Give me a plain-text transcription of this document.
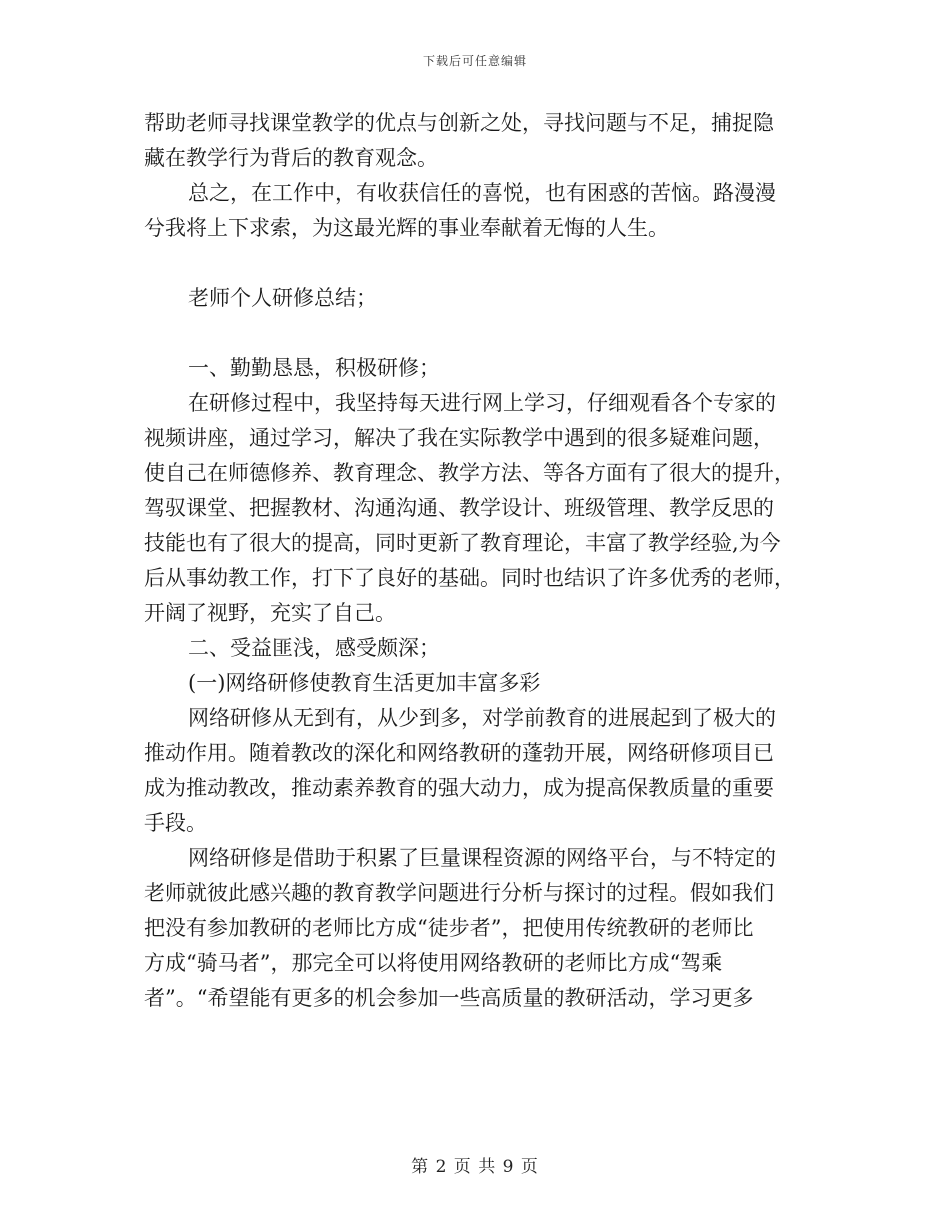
下载后可任意编辑
帮助老师寻找课堂教学的优点与创新之处，寻找问题与不足，捕捉隐
藏在教学行为背后的教育观念。
总之，在工作中，有收获信任的喜悦，也有困惑的苦恼。路漫漫
兮我将上下求索，为这最光辉的事业奉献着无悔的人生。
老师个人研修总结；
一、勤勤恳恳，积极研修；
在研修过程中，我坚持每天进行网上学习，仔细观看各个专家的
视频讲座，通过学习，解决了我在实际教学中遇到的很多疑难问题，
使自己在师德修养、教育理念、教学方法、等各方面有了很大的提升，
驾驭课堂、把握教材、沟通沟通、教学设计、班级管理、教学反思的
技能也有了很大的提高，同时更新了教育理论，丰富了教学经验,为今
后从事幼教工作，打下了良好的基础。同时也结识了许多优秀的老师，
开阔了视野，充实了自己。
二、受益匪浅，感受颇深；
(一)网络研修使教育生活更加丰富多彩
网络研修从无到有，从少到多，对学前教育的进展起到了极大的
推动作用。随着教改的深化和网络教研的蓬勃开展，网络研修项目已
成为推动教改，推动素养教育的强大动力，成为提高保教质量的重要
手段。
网络研修是借助于积累了巨量课程资源的网络平台，与不特定的
老师就彼此感兴趣的教育教学问题进行分析与探讨的过程。假如我们
把没有参加教研的老师比方成“徒步者”，把使用传统教研的老师比
方成“骑马者”，那完全可以将使用网络教研的老师比方成“驾乘
者”。“希望能有更多的机会参加一些高质量的教研活动，学习更多
第 2 页 共 9 页
